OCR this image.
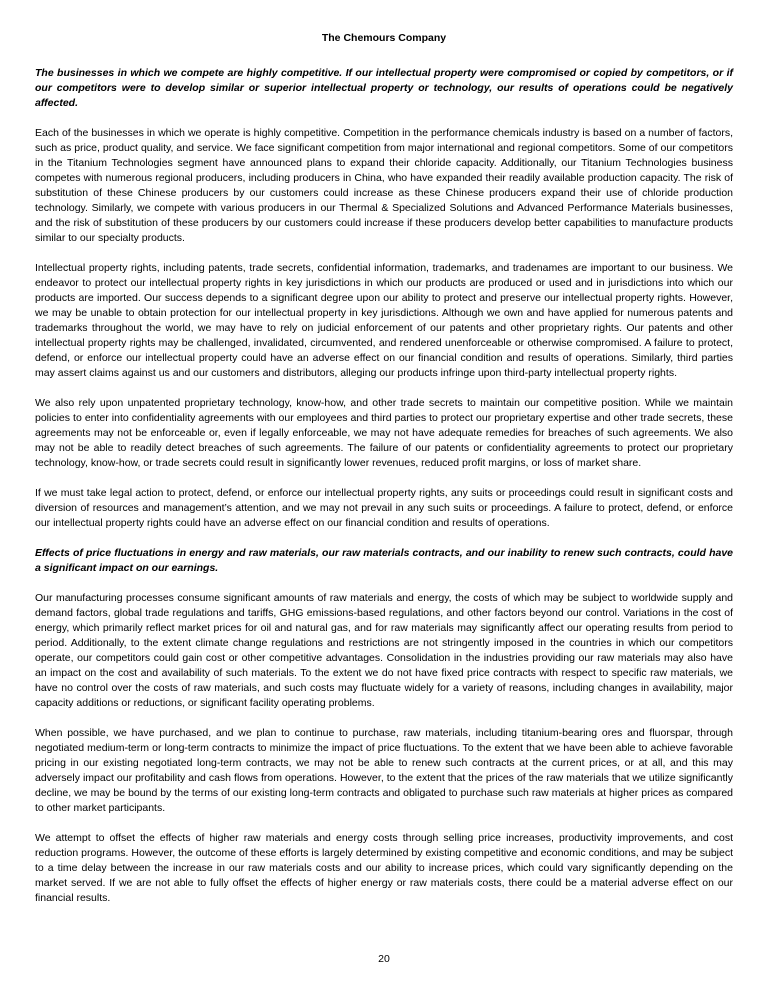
The Chemours Company
The businesses in which we compete are highly competitive. If our intellectual property were compromised or copied by competitors, or if our competitors were to develop similar or superior intellectual property or technology, our results of operations could be negatively affected.
Each of the businesses in which we operate is highly competitive. Competition in the performance chemicals industry is based on a number of factors, such as price, product quality, and service. We face significant competition from major international and regional competitors. Some of our competitors in the Titanium Technologies segment have announced plans to expand their chloride capacity. Additionally, our Titanium Technologies business competes with numerous regional producers, including producers in China, who have expanded their readily available production capacity. The risk of substitution of these Chinese producers by our customers could increase as these Chinese producers expand their use of chloride production technology. Similarly, we compete with various producers in our Thermal & Specialized Solutions and Advanced Performance Materials businesses, and the risk of substitution of these producers by our customers could increase if these producers develop better capabilities to manufacture products similar to our specialty products.
Intellectual property rights, including patents, trade secrets, confidential information, trademarks, and tradenames are important to our business. We endeavor to protect our intellectual property rights in key jurisdictions in which our products are produced or used and in jurisdictions into which our products are imported. Our success depends to a significant degree upon our ability to protect and preserve our intellectual property rights. However, we may be unable to obtain protection for our intellectual property in key jurisdictions. Although we own and have applied for numerous patents and trademarks throughout the world, we may have to rely on judicial enforcement of our patents and other proprietary rights. Our patents and other intellectual property rights may be challenged, invalidated, circumvented, and rendered unenforceable or otherwise compromised. A failure to protect, defend, or enforce our intellectual property could have an adverse effect on our financial condition and results of operations. Similarly, third parties may assert claims against us and our customers and distributors, alleging our products infringe upon third-party intellectual property rights.
We also rely upon unpatented proprietary technology, know-how, and other trade secrets to maintain our competitive position. While we maintain policies to enter into confidentiality agreements with our employees and third parties to protect our proprietary expertise and other trade secrets, these agreements may not be enforceable or, even if legally enforceable, we may not have adequate remedies for breaches of such agreements. We also may not be able to readily detect breaches of such agreements. The failure of our patents or confidentiality agreements to protect our proprietary technology, know-how, or trade secrets could result in significantly lower revenues, reduced profit margins, or loss of market share.
If we must take legal action to protect, defend, or enforce our intellectual property rights, any suits or proceedings could result in significant costs and diversion of resources and management’s attention, and we may not prevail in any such suits or proceedings. A failure to protect, defend, or enforce our intellectual property rights could have an adverse effect on our financial condition and results of operations.
Effects of price fluctuations in energy and raw materials, our raw materials contracts, and our inability to renew such contracts, could have a significant impact on our earnings.
Our manufacturing processes consume significant amounts of raw materials and energy, the costs of which may be subject to worldwide supply and demand factors, global trade regulations and tariffs, GHG emissions-based regulations, and other factors beyond our control. Variations in the cost of energy, which primarily reflect market prices for oil and natural gas, and for raw materials may significantly affect our operating results from period to period. Additionally, to the extent climate change regulations and restrictions are not stringently imposed in the countries in which our competitors operate, our competitors could gain cost or other competitive advantages. Consolidation in the industries providing our raw materials may also have an impact on the cost and availability of such materials. To the extent we do not have fixed price contracts with respect to specific raw materials, we have no control over the costs of raw materials, and such costs may fluctuate widely for a variety of reasons, including changes in availability, major capacity additions or reductions, or significant facility operating problems.
When possible, we have purchased, and we plan to continue to purchase, raw materials, including titanium-bearing ores and fluorspar, through negotiated medium-term or long-term contracts to minimize the impact of price fluctuations. To the extent that we have been able to achieve favorable pricing in our existing negotiated long-term contracts, we may not be able to renew such contracts at the current prices, or at all, and this may adversely impact our profitability and cash flows from operations. However, to the extent that the prices of the raw materials that we utilize significantly decline, we may be bound by the terms of our existing long-term contracts and obligated to purchase such raw materials at higher prices as compared to other market participants.
We attempt to offset the effects of higher raw materials and energy costs through selling price increases, productivity improvements, and cost reduction programs. However, the outcome of these efforts is largely determined by existing competitive and economic conditions, and may be subject to a time delay between the increase in our raw materials costs and our ability to increase prices, which could vary significantly depending on the market served. If we are not able to fully offset the effects of higher energy or raw materials costs, there could be a material adverse effect on our financial results.
20
